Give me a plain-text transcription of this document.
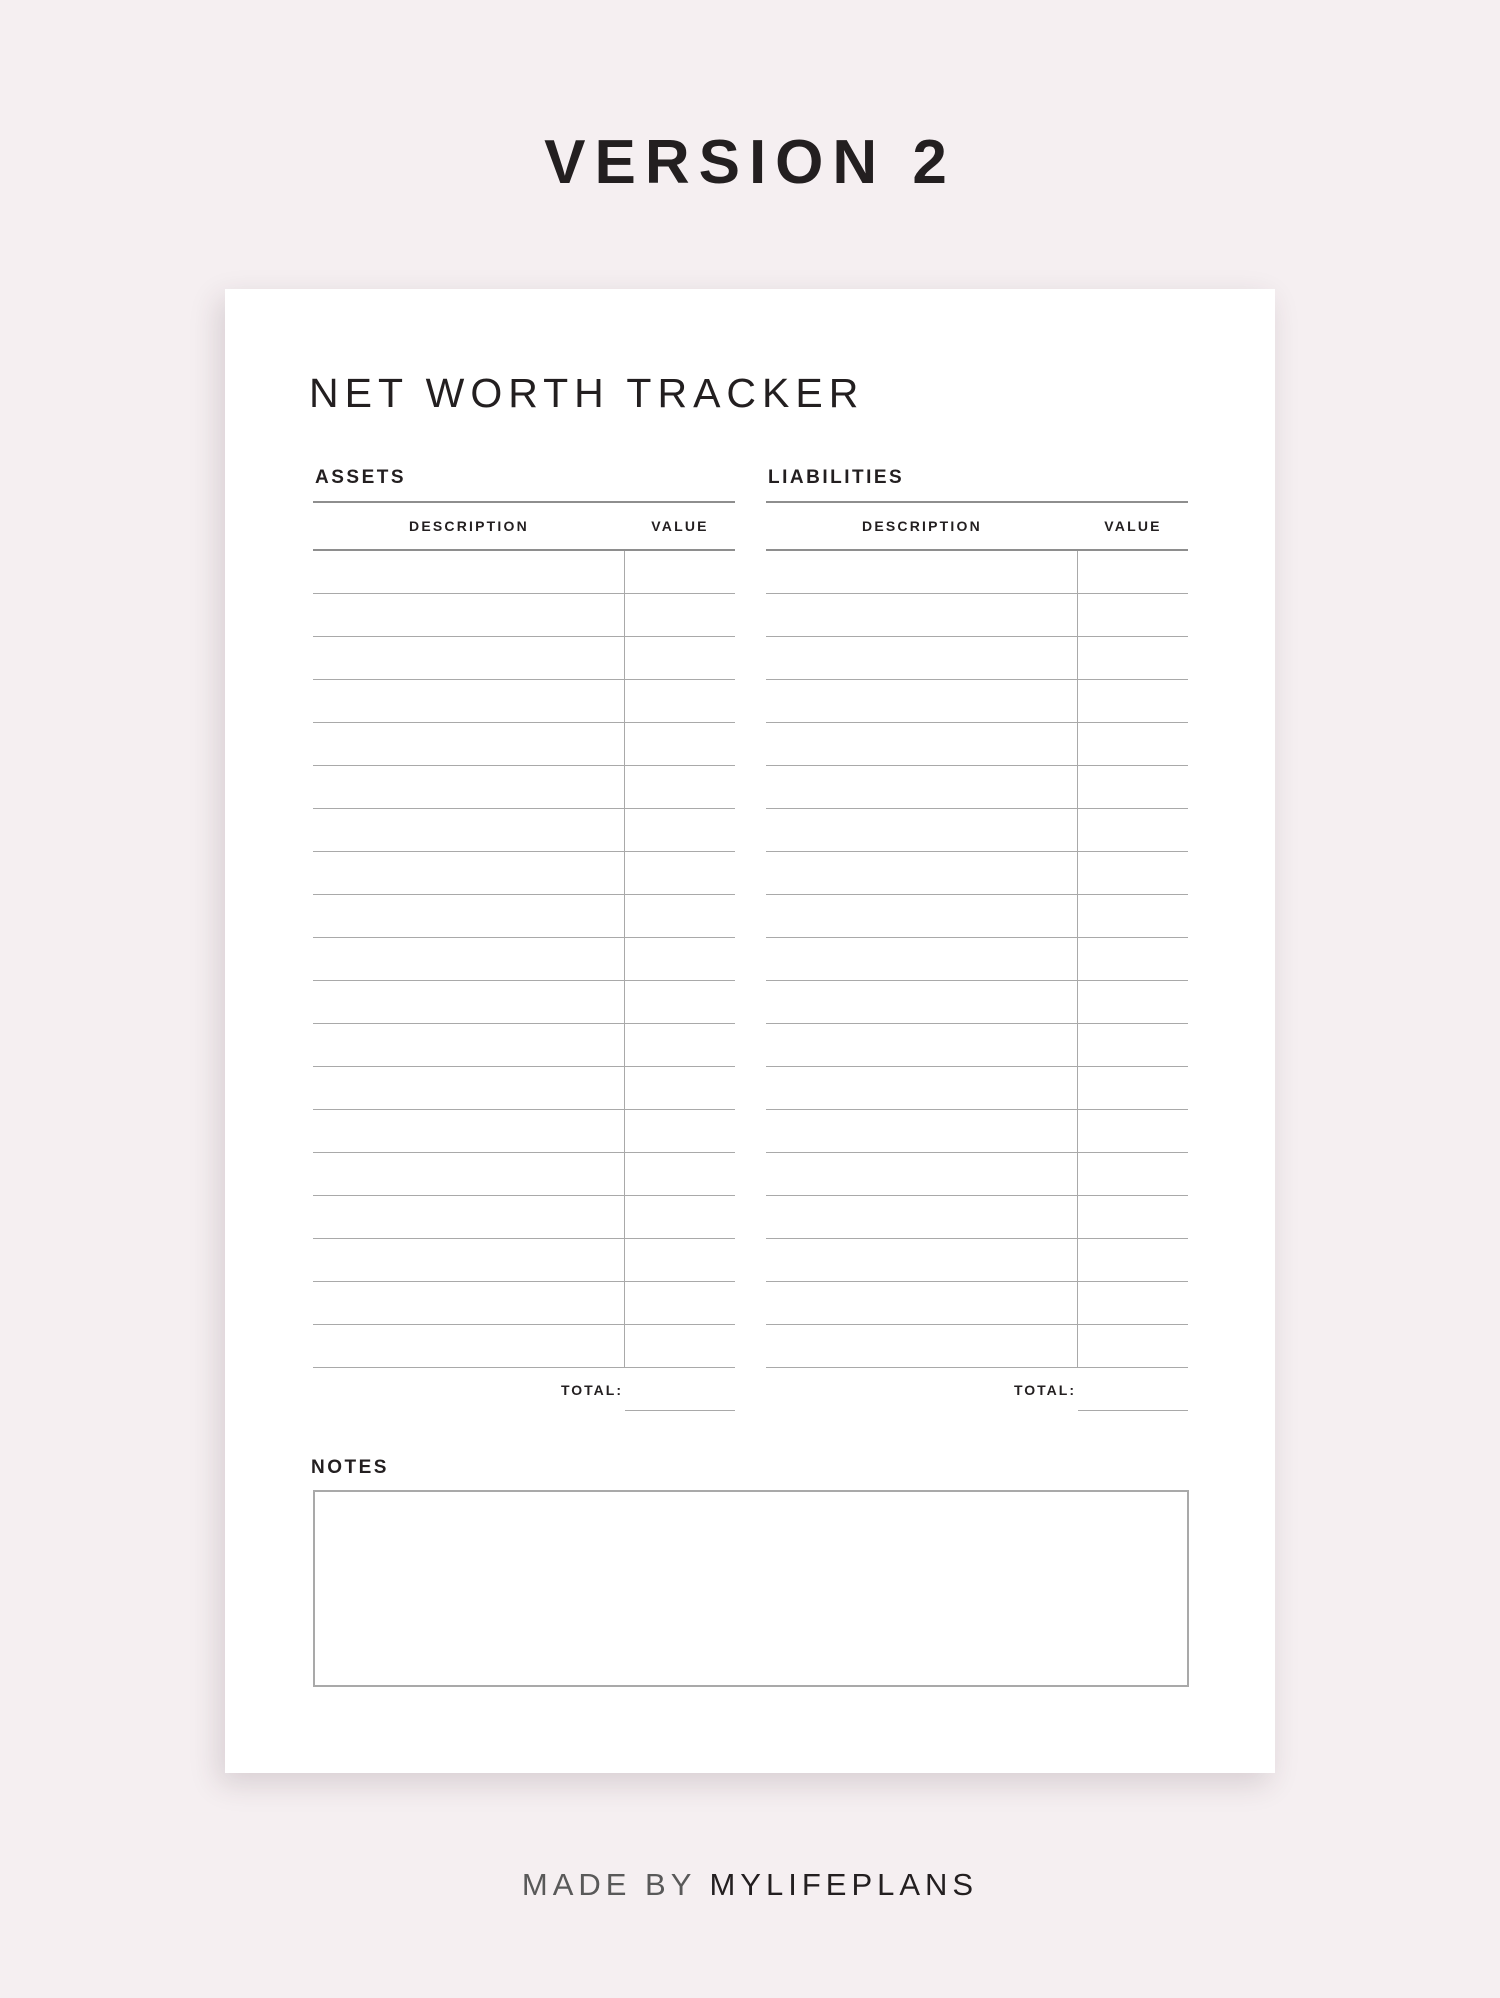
VERSION 2
NET WORTH TRACKER
ASSETS
DESCRIPTION	VALUE
TOTAL:
LIABILITIES
DESCRIPTION	VALUE
TOTAL:
NOTES
MADE BY MYLIFEPLANS
